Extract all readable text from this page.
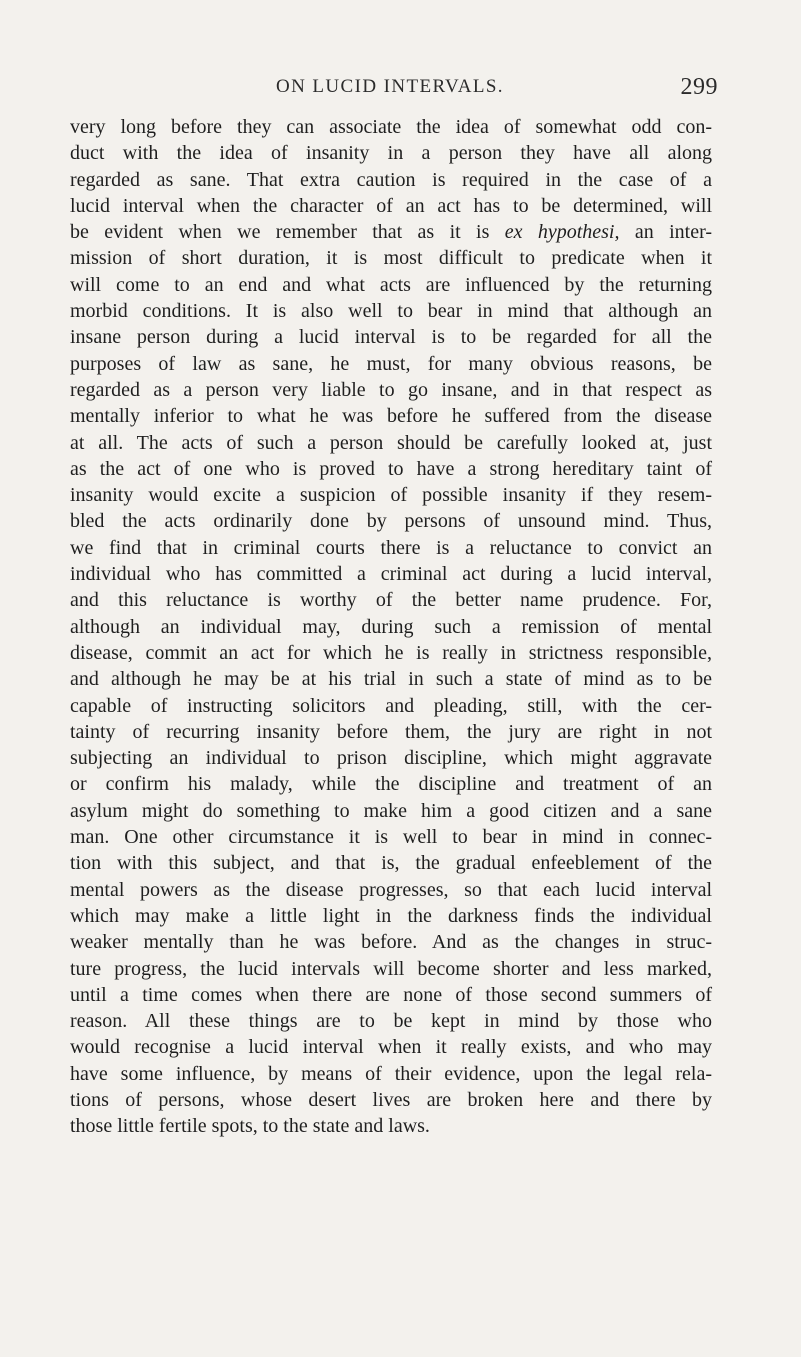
ON LUCID INTERVALS.	299
very long before they can associate the idea of somewhat odd con-
duct with the idea of insanity in a person they have all along
regarded as sane. That extra caution is required in the case of a
lucid interval when the character of an act has to be determined, will
be evident when we remember that as it is ex hypothesi, an inter-
mission of short duration, it is most difficult to predicate when it
will come to an end and what acts are influenced by the returning
morbid conditions. It is also well to bear in mind that although an
insane person during a lucid interval is to be regarded for all the
purposes of law as sane, he must, for many obvious reasons, be
regarded as a person very liable to go insane, and in that respect as
mentally inferior to what he was before he suffered from the disease
at all. The acts of such a person should be carefully looked at, just
as the act of one who is proved to have a strong hereditary taint of
insanity would excite a suspicion of possible insanity if they resem-
bled the acts ordinarily done by persons of unsound mind. Thus,
we find that in criminal courts there is a reluctance to convict an
individual who has committed a criminal act during a lucid interval,
and this reluctance is worthy of the better name prudence. For,
although an individual may, during such a remission of mental
disease, commit an act for which he is really in strictness responsible,
and although he may be at his trial in such a state of mind as to be
capable of instructing solicitors and pleading, still, with the cer-
tainty of recurring insanity before them, the jury are right in not
subjecting an individual to prison discipline, which might aggravate
or confirm his malady, while the discipline and treatment of an
asylum might do something to make him a good citizen and a sane
man. One other circumstance it is well to bear in mind in connec-
tion with this subject, and that is, the gradual enfeeblement of the
mental powers as the disease progresses, so that each lucid interval
which may make a little light in the darkness finds the individual
weaker mentally than he was before. And as the changes in struc-
ture progress, the lucid intervals will become shorter and less marked,
until a time comes when there are none of those second summers of
reason. All these things are to be kept in mind by those who
would recognise a lucid interval when it really exists, and who may
have some influence, by means of their evidence, upon the legal rela-
tions of persons, whose desert lives are broken here and there by
those little fertile spots, to the state and laws.
